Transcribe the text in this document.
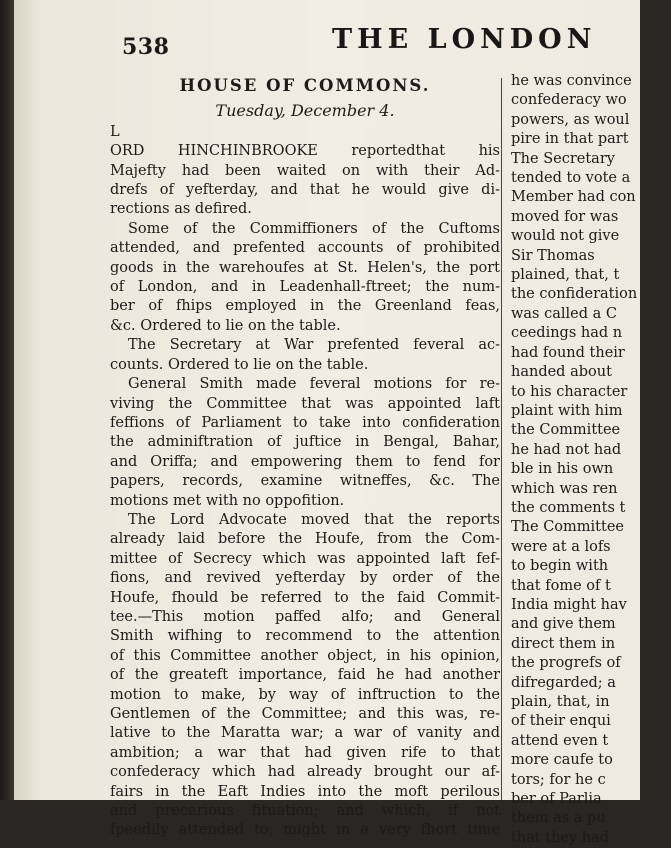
538	THE LONDON
HOUSE OF COMMONS.
Tuesday, December 4.
L
ORD HINCHINBROOKE reportedthat his
Majefty had been waited on with their Ad-
drefs of yefterday, and that he would give di-
rections as defired.
Some of the Commiffioners of the Cuftoms
attended, and prefented accounts of prohibited
goods in the warehoufes at St. Helen's, the port
of London, and in Leadenhall-ftreet; the num-
ber of fhips employed in the Greenland feas,
&c. Ordered to lie on the table.
The Secretary at War prefented feveral ac-
counts. Ordered to lie on the table.
General Smith made feveral motions for re-
viving the Committee that was appointed laft
feffions of Parliament to take into confideration
the adminiftration of juftice in Bengal, Bahar,
and Oriffa; and empowering them to fend for
papers, records, examine witneffes, &c. The
motions met with no oppofition.
The Lord Advocate moved that the reports
already laid before the Houfe, from the Com-
mittee of Secrecy which was appointed laft fef-
fions, and revived yefterday by order of the
Houfe, fhould be referred to the faid Commit-
tee.—This motion paffed alfo; and General
Smith wifhing to recommend to the attention
of this Committee another object, in his opinion,
of the greateft importance, faid he had another
motion to make, by way of inftruction to the
Gentlemen of the Committee; and this was, re-
lative to the Maratta war; a war of vanity and
ambition; a war that had given rife to that
confederacy which had already brought our af-
fairs in the Eaft Indies into the moft perilous
and precarious fituation; and which, if not
fpeedily attended to, might in a very fhort time
he was convince
confederacy wo
powers, as woul
pire in that part
The Secretary
tended to vote a
Member had con
moved for was
would not give
Sir Thomas
plained, that, t
the confideration
was called a C
ceedings had n
had found their
handed about
to his character
plaint with him
the Committee
he had not had
ble in his own
which was ren
the comments t
The Committee
were at a lofs
to begin with
that fome of t
India might hav
and give them
direct them in
the progrefs of
difregarded; a
plain, that, in
of their enqui
attend even t
more caufe to
tors; for he c
ber of Parlia
them as a pu
that they had
